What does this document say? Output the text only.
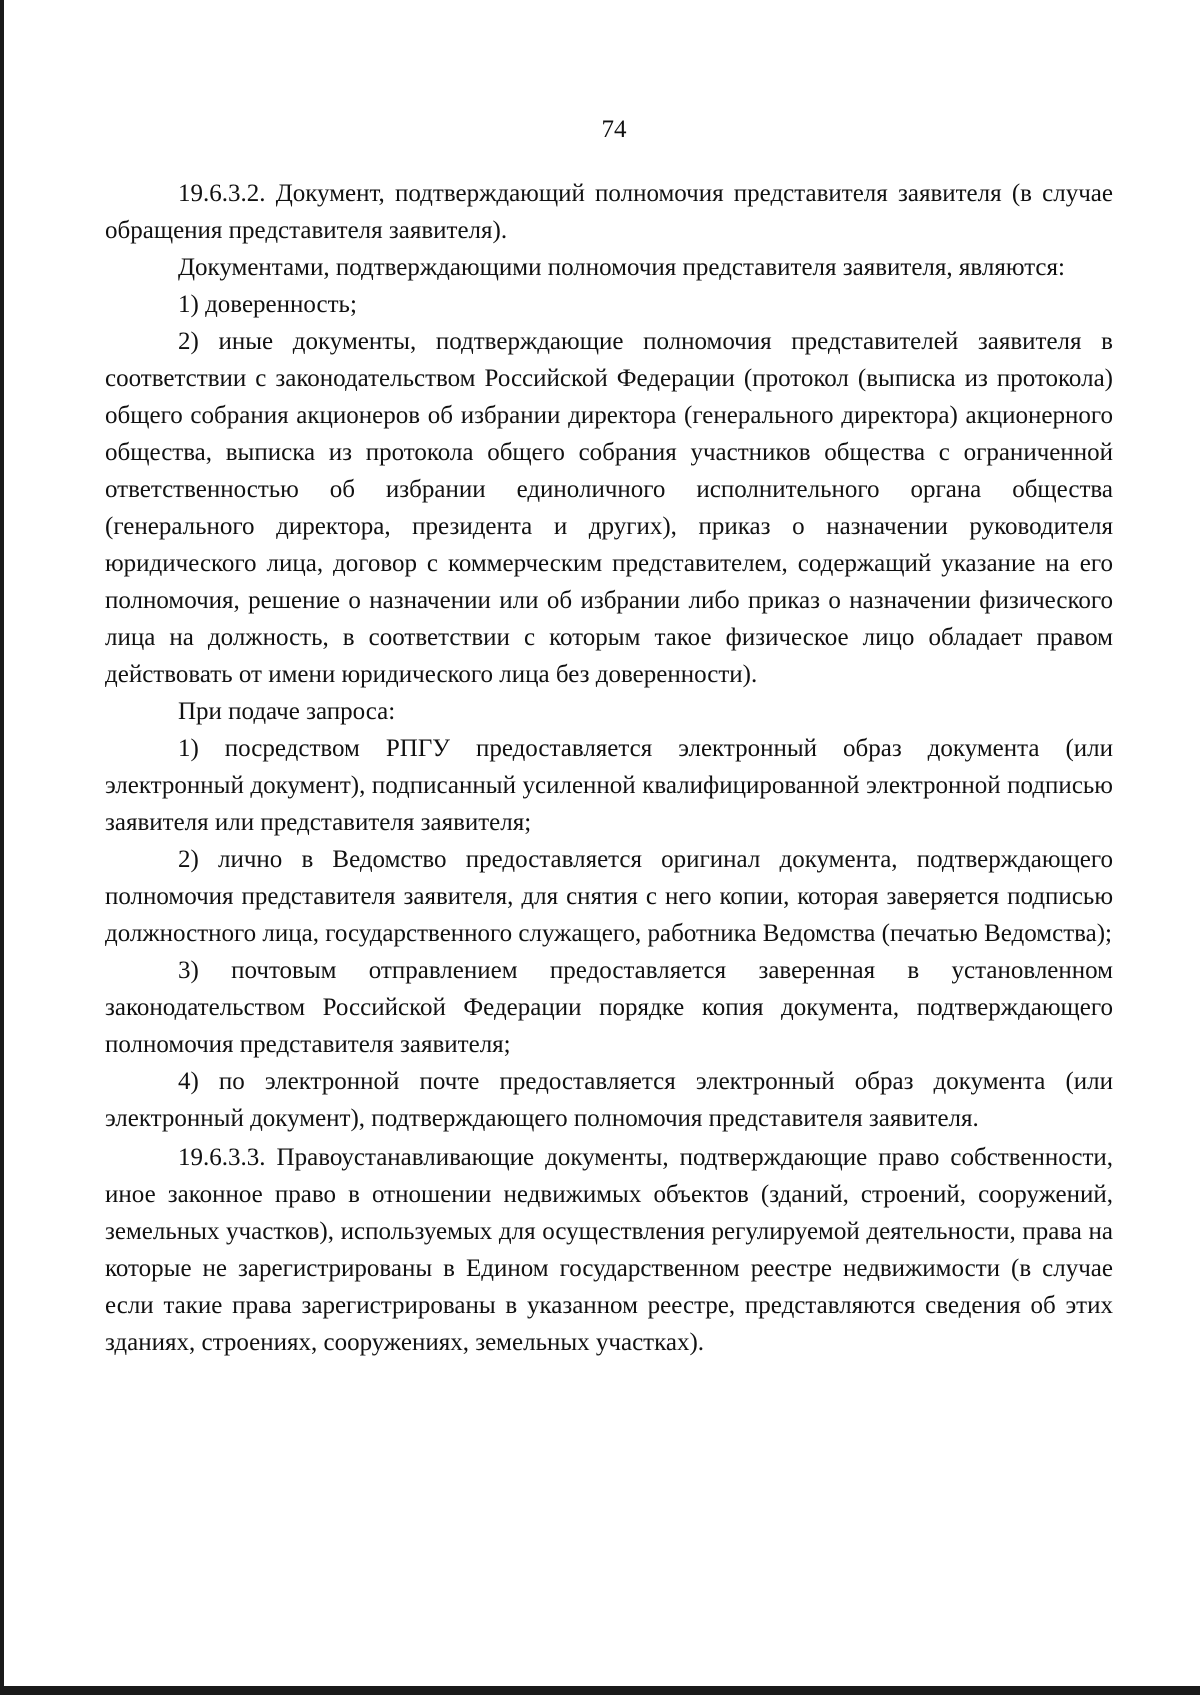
74

19.6.3.2. Документ, подтверждающий полномочия представителя заявителя (в случае обращения представителя заявителя).

Документами, подтверждающими полномочия представителя заявителя, являются:

1) доверенность;

2) иные документы, подтверждающие полномочия представителей заявителя в соответствии с законодательством Российской Федерации (протокол (выписка из протокола) общего собрания акционеров об избрании директора (генерального директора) акционерного общества, выписка из протокола общего собрания участников общества с ограниченной ответственностью об избрании единоличного исполнительного органа общества (генерального директора, президента и других), приказ о назначении руководителя юридического лица, договор с коммерческим представителем, содержащий указание на его полномочия, решение о назначении или об избрании либо приказ о назначении физического лица на должность, в соответствии с которым такое физическое лицо обладает правом действовать от имени юридического лица без доверенности).

При подаче запроса:

1) посредством РПГУ предоставляется электронный образ документа (или электронный документ), подписанный усиленной квалифицированной электронной подписью заявителя или представителя заявителя;

2) лично в Ведомство предоставляется оригинал документа, подтверждающего полномочия представителя заявителя, для снятия с него копии, которая заверяется подписью должностного лица, государственного служащего, работника Ведомства (печатью Ведомства);

3) почтовым отправлением предоставляется заверенная в установленном законодательством Российской Федерации порядке копия документа, подтверждающего полномочия представителя заявителя;

4) по электронной почте предоставляется электронный образ документа (или электронный документ), подтверждающего полномочия представителя заявителя.

19.6.3.3. Правоустанавливающие документы, подтверждающие право собственности, иное законное право в отношении недвижимых объектов (зданий, строений, сооружений, земельных участков), используемых для осуществления регулируемой деятельности, права на которые не зарегистрированы в Едином государственном реестре недвижимости (в случае если такие права зарегистрированы в указанном реестре, представляются сведения об этих зданиях, строениях, сооружениях, земельных участках).
